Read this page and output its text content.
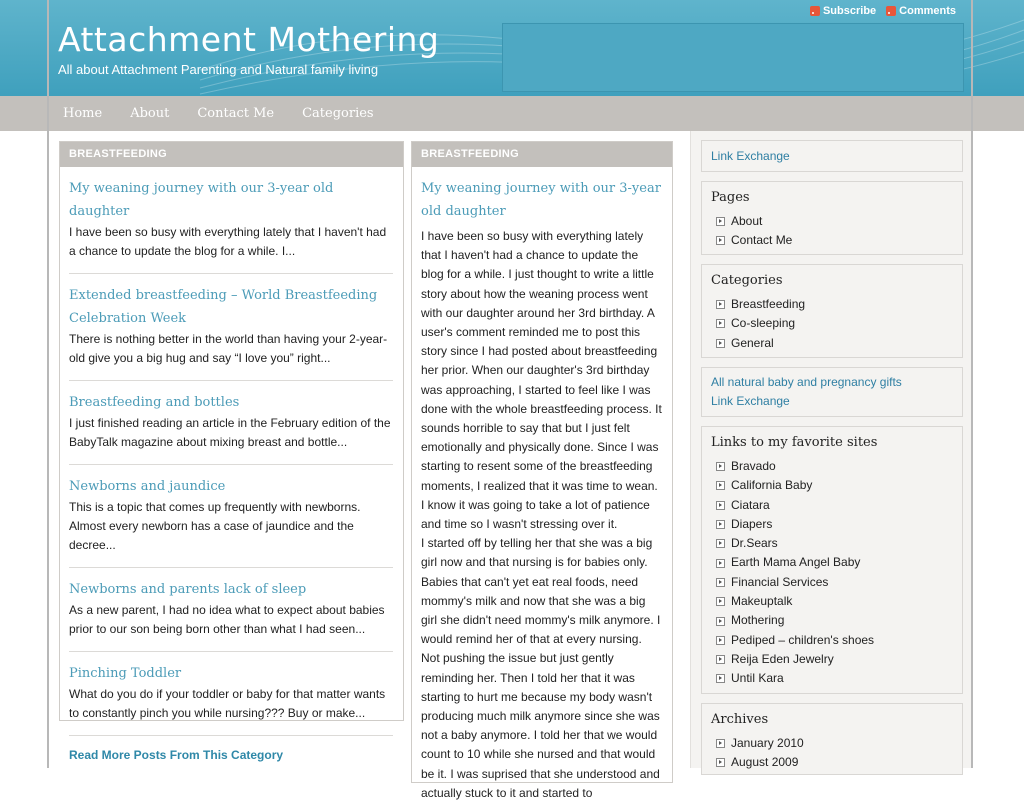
Attachment Mothering
All about Attachment Parenting and Natural family living
Subscribe Comments
Home About Contact Me Categories
BREASTFEEDING
My weaning journey with our 3-year old daughter
I have been so busy with everything lately that I haven't had a chance to update the blog for a while. I...
Extended breastfeeding – World Breastfeeding Celebration Week
There is nothing better in the world than having your 2-year-old give you a big hug and say “I love you” right...
Breastfeeding and bottles
I just finished reading an article in the February edition of the BabyTalk magazine about mixing breast and bottle...
Newborns and jaundice
This is a topic that comes up frequently with newborns. Almost every newborn has a case of jaundice and the decree...
Newborns and parents lack of sleep
As a new parent, I had no idea what to expect about babies prior to our son being born other than what I had seen...
Pinching Toddler
What do you do if your toddler or baby for that matter wants to constantly pinch you while nursing??? Buy or make...
Read More Posts From This Category
BREASTFEEDING
My weaning journey with our 3-year old daughter

I have been so busy with everything lately that I haven't had a chance to update the blog for a while. I just thought to write a little story about how the weaning process went with our daughter around her 3rd birthday. A user's comment reminded me to post this story since I had posted about breastfeeding her prior. When our daughter's 3rd birthday was approaching, I started to feel like I was done with the whole breastfeeding process. It sounds horrible to say that but I just felt emotionally and physically done. Since I was starting to resent some of the breastfeeding moments, I realized that it was time to wean. I know it was going to take a lot of patience and time so I wasn't stressing over it.

I started off by telling her that she was a big girl now and that nursing is for babies only. Babies that can't yet eat real foods, need mommy's milk and now that she was a big girl she didn't need mommy's milk anymore. I would remind her of that at every nursing. Not pushing the issue but just gently reminding her. Then I told her that it was starting to hurt me because my body wasn't producing much milk anymore since she was not a baby anymore. I told her that we would count to 10 while she nursed and that would be it. I was suprised that she understood and actually stuck to it and started to

Link Exchange
Pages
About
Contact Me
Categories
Breastfeeding
Co-sleeping
General
All natural baby and pregnancy gifts
Link Exchange
Links to my favorite sites
Bravado
California Baby
Ciatara
Diapers
Dr.Sears
Earth Mama Angel Baby
Financial Services
Makeuptalk
Mothering
Pediped – children's shoes
Reija Eden Jewelry
Until Kara
Archives
January 2010
August 2009
